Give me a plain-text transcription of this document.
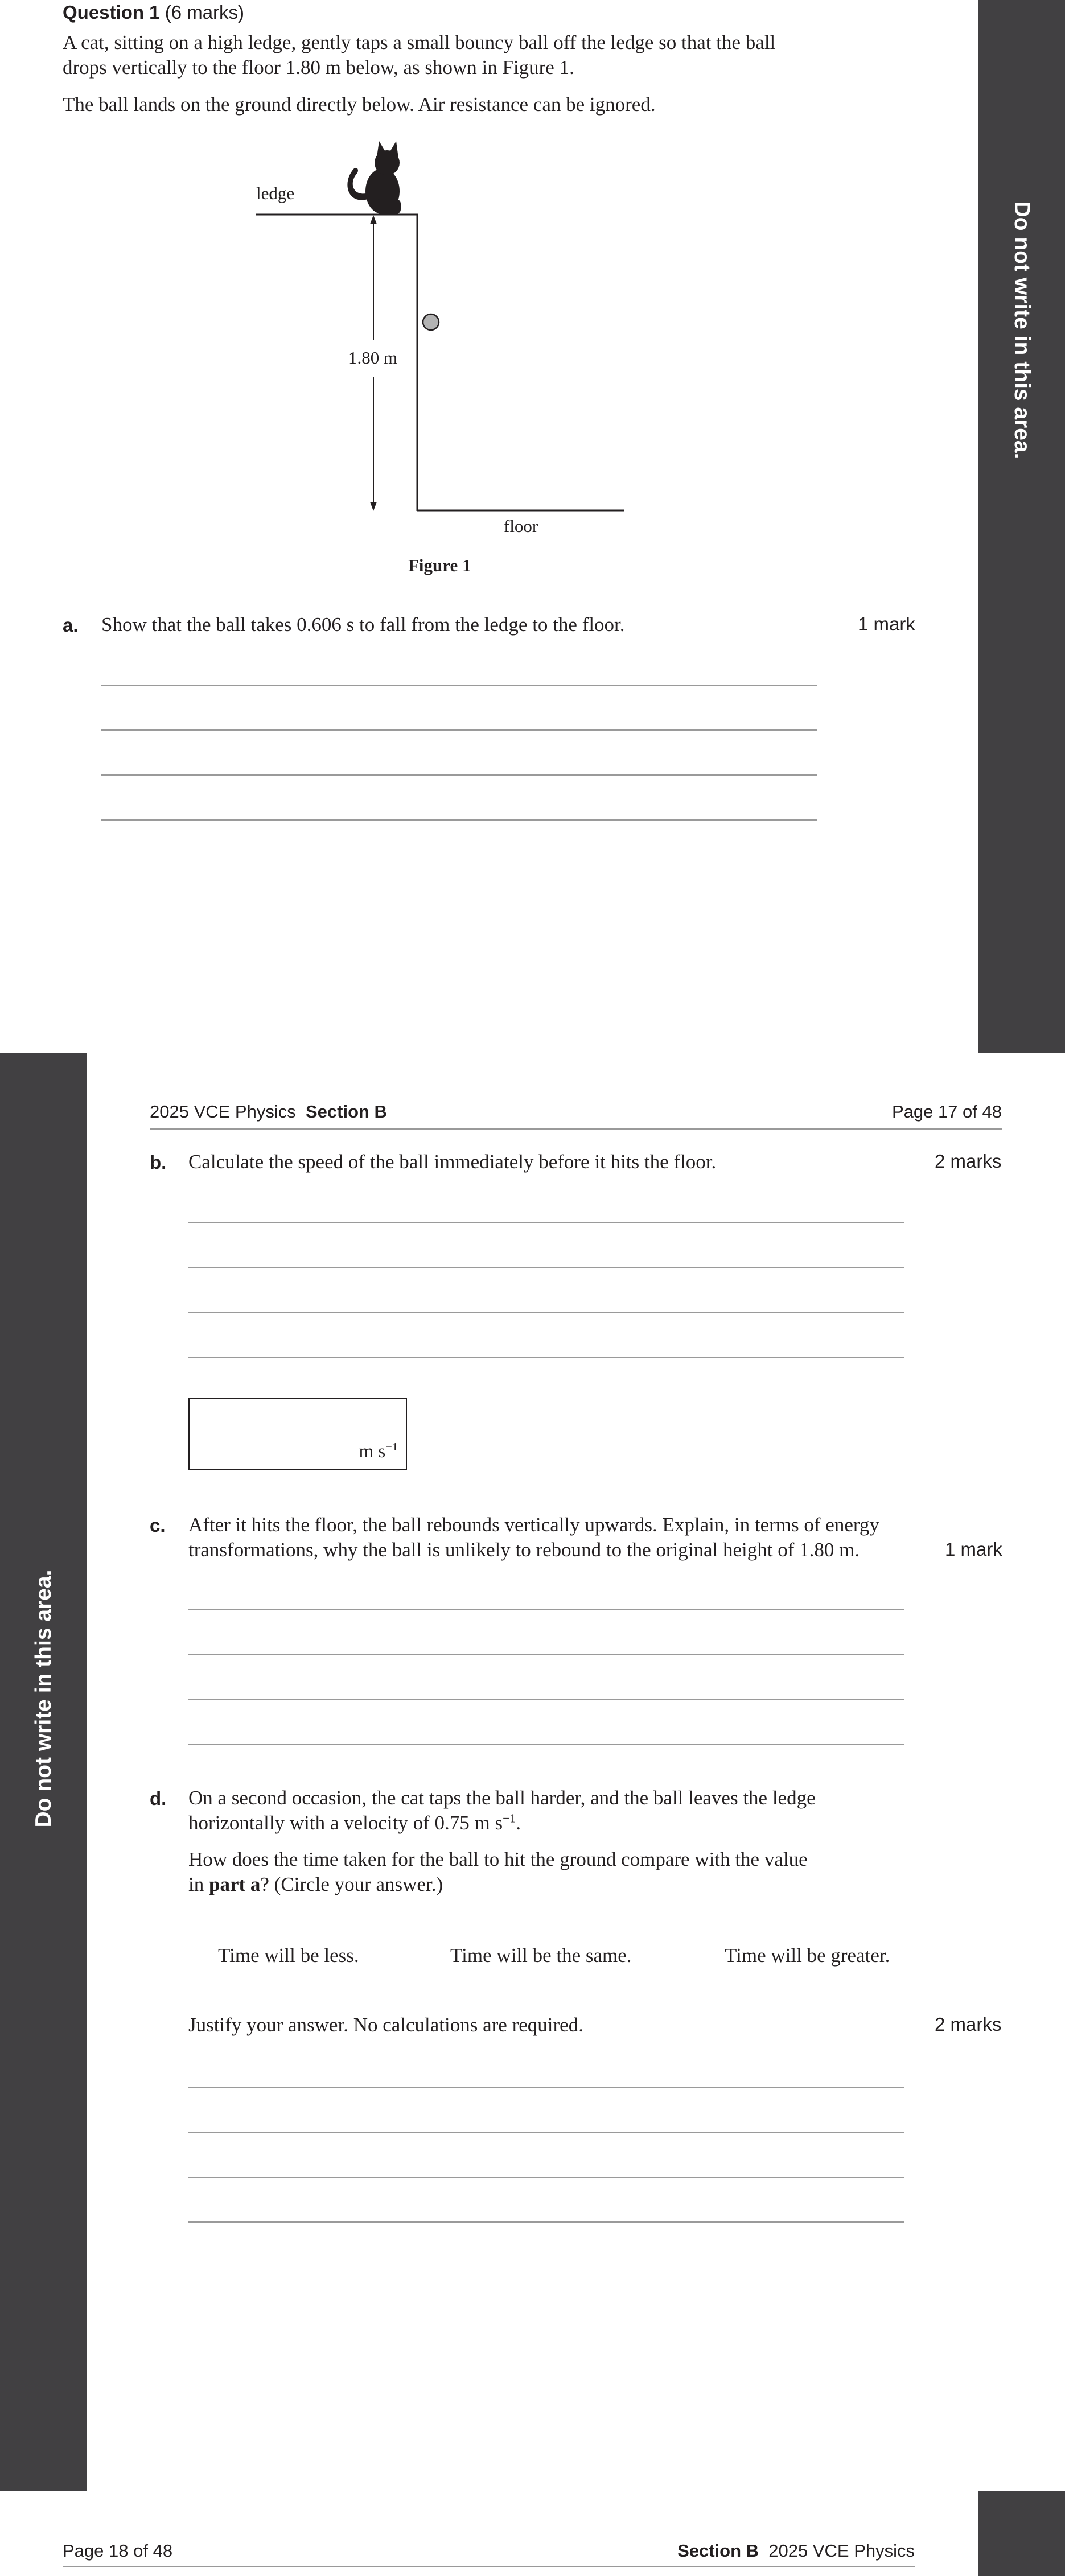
Do not write in this area.
Question 1 (6 marks)
A cat, sitting on a high ledge, gently taps a small bouncy ball off the ledge so that the ball
drops vertically to the floor 1.80 m below, as shown in Figure 1.
The ball lands on the ground directly below. Air resistance can be ignored.
ledge
1.80 m
floor
Figure 1
a. Show that the ball takes 0.606 s to fall from the ledge to the floor.	1 mark
Do not write in this area.
2025 VCE Physics Section B	Page 17 of 48
b. Calculate the speed of the ball immediately before it hits the floor.	2 marks
m $s^{-1}$
c. After it hits the floor, the ball rebounds vertically upwards. Explain, in terms of energy
transformations, why the ball is unlikely to rebound to the original height of 1.80 m.	1 mark
d. On a second occasion, the cat taps the ball harder, and the ball leaves the ledge
horizontally with a velocity of 0.75 m $s^{-1}$.
How does the time taken for the ball to hit the ground compare with the value
in part a? (Circle your answer.)
Time will be less.	Time will be the same.	Time will be greater.
Justify your answer. No calculations are required.	2 marks
Page 18 of 48	Section B 2025 VCE Physics
